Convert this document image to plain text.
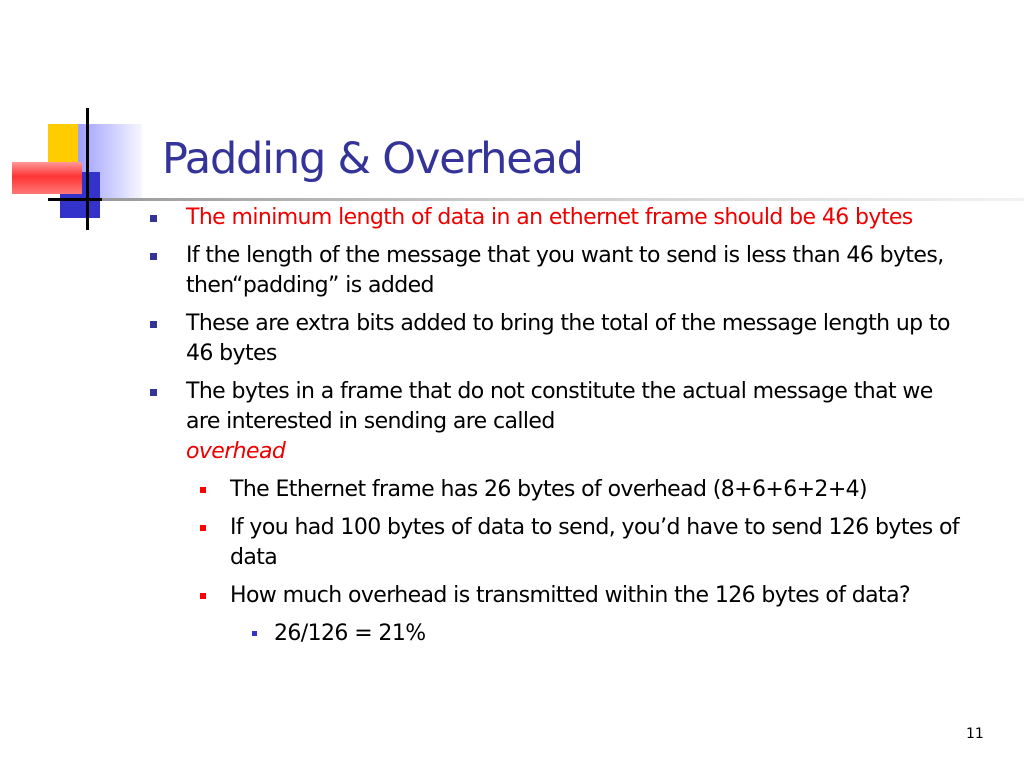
Padding & Overhead
The minimum length of data in an ethernet frame should be 46 bytes
If the length of the message that you want to send is less than 46 bytes, then“padding” is added
These are extra bits added to bring the total of the message length up to 46 bytes
The bytes in a frame that do not constitute the actual message that we are interested in sending are called
overhead
The Ethernet frame has 26 bytes of overhead (8+6+6+2+4)
If you had 100 bytes of data to send, you’d have to send 126 bytes of data
How much overhead is transmitted within the 126 bytes of data?
26/126 = 21%
11
